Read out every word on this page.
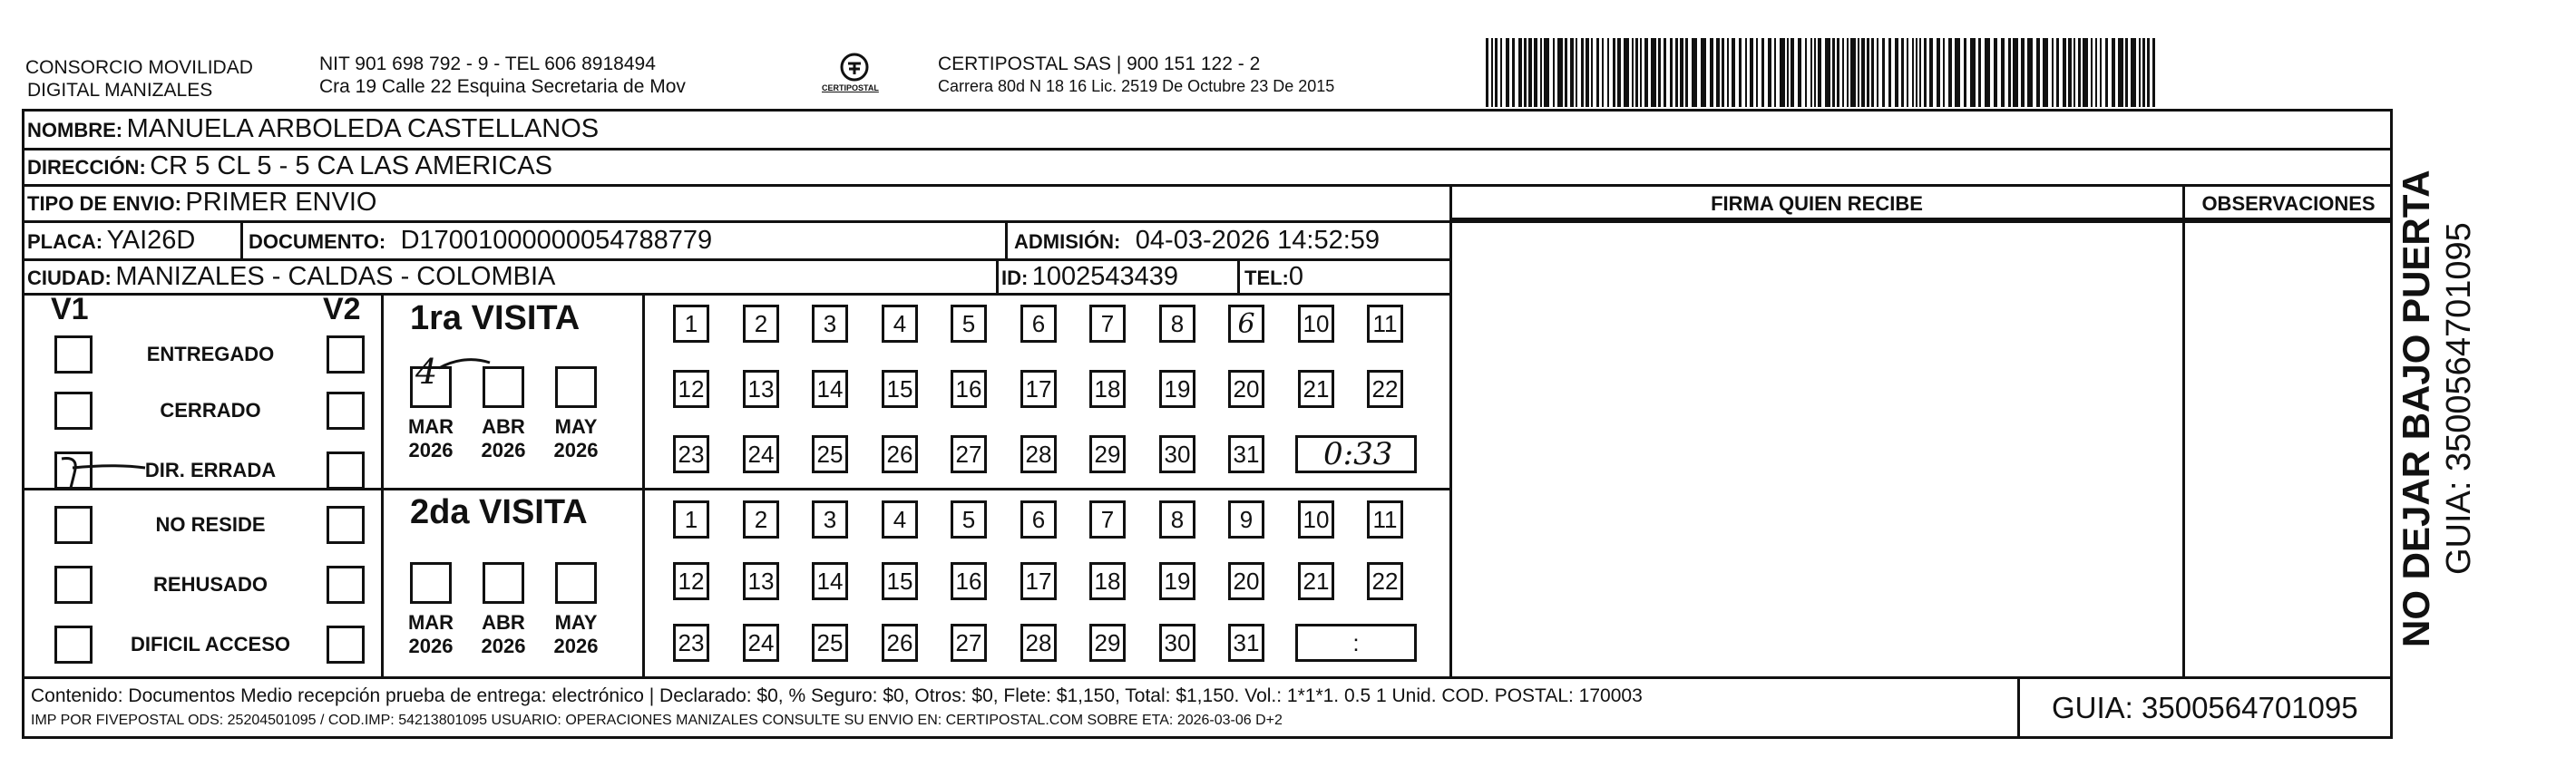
CONSORCIO MOVILIDAD
DIGITAL MANIZALES
NIT 901 698 792 - 9 - TEL 606 8918494
Cra 19 Calle 22 Esquina Secretaria de Mov	CERTIPOSTAL
CERTIPOSTAL SAS | 900 151 122 - 2
Carrera 80d N 18 16 Lic. 2519 De Octubre 23 De 2015
NOMBRE: MANUELA ARBOLEDA CASTELLANOS
DIRECCIÓN: CR 5 CL 5 - 5 CA LAS AMERICAS
TIPO DE ENVIO: PRIMER ENVIO
PLACA: YAI26D	DOCUMENTO: D17001000000054788779	ADMISIÓN: 04-03-2026 14:52:59
CIUDAD: MANIZALES - CALDAS - COLOMBIA	ID: 1002543439	TEL:0
FIRMA QUIEN RECIBE	OBSERVACIONES
V1	V2
ENTREGADO
CERRADO
DIR. ERRADA
NO RESIDE
REHUSADO
DIFICIL ACCESO
1ra VISITA
MAR
2026
ABR
2026
MAY
2026
4
1 2 3 4 5 6 7 8 6 10 11
12 13 14 15 16 17 18 19 20 21 22
23 24 25 26 27 28 29 30 31 0:33
2da VISITA
MAR
2026
ABR
2026
MAY
2026
1 2 3 4 5 6 7 8 9 10 11
12 13 14 15 16 17 18 19 20 21 22
23 24 25 26 27 28 29 30 31	:
Contenido: Documentos Medio recepción prueba de entrega: electrónico | Declarado: $0, % Seguro: $0, Otros: $0, Flete: $1,150, Total: $1,150. Vol.: 1*1*1. 0.5 1 Unid. COD. POSTAL: 170003
IMP POR FIVEPOSTAL ODS: 25204501095 / COD.IMP: 54213801095 USUARIO: OPERACIONES MANIZALES CONSULTE SU ENVIO EN: CERTIPOSTAL.COM SOBRE ETA: 2026-03-06 D+2	GUIA: 3500564701095
NO DEJAR BAJO PUERTA GUIA: 3500564701095
